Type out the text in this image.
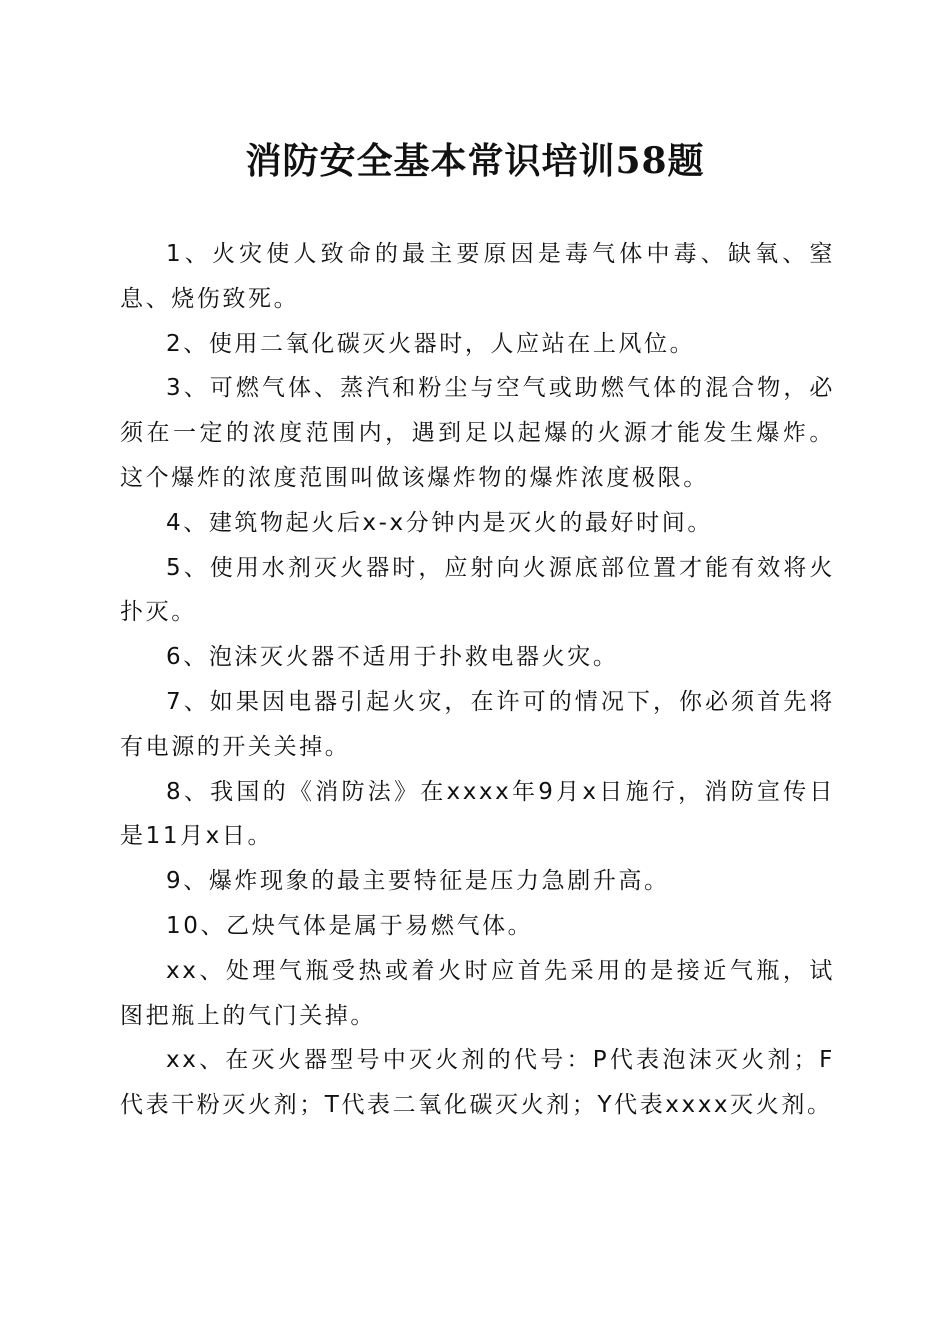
消防安全基本常识培训58题

1、火灾使人致命的最主要原因是毒气体中毒、缺氧、窒息、烧伤致死。

2、使用二氧化碳灭火器时，人应站在上风位。

3、可燃气体、蒸汽和粉尘与空气或助燃气体的混合物，必须在一定的浓度范围内，遇到足以起爆的火源才能发生爆炸。这个爆炸的浓度范围叫做该爆炸物的爆炸浓度极限。

4、建筑物起火后x-x分钟内是灭火的最好时间。

5、使用水剂灭火器时，应射向火源底部位置才能有效将火扑灭。

6、泡沫灭火器不适用于扑救电器火灾。

7、如果因电器引起火灾，在许可的情况下，你必须首先将有电源的开关关掉。

8、我国的《消防法》在xxxx年9月x日施行，消防宣传日是11月x日。

9、爆炸现象的最主要特征是压力急剧升高。

10、乙炔气体是属于易燃气体。

xx、处理气瓶受热或着火时应首先采用的是接近气瓶，试图把瓶上的气门关掉。

xx、在灭火器型号中灭火剂的代号：P代表泡沫灭火剂；F代表干粉灭火剂；T代表二氧化碳灭火剂；Y代表xxxx灭火剂。
